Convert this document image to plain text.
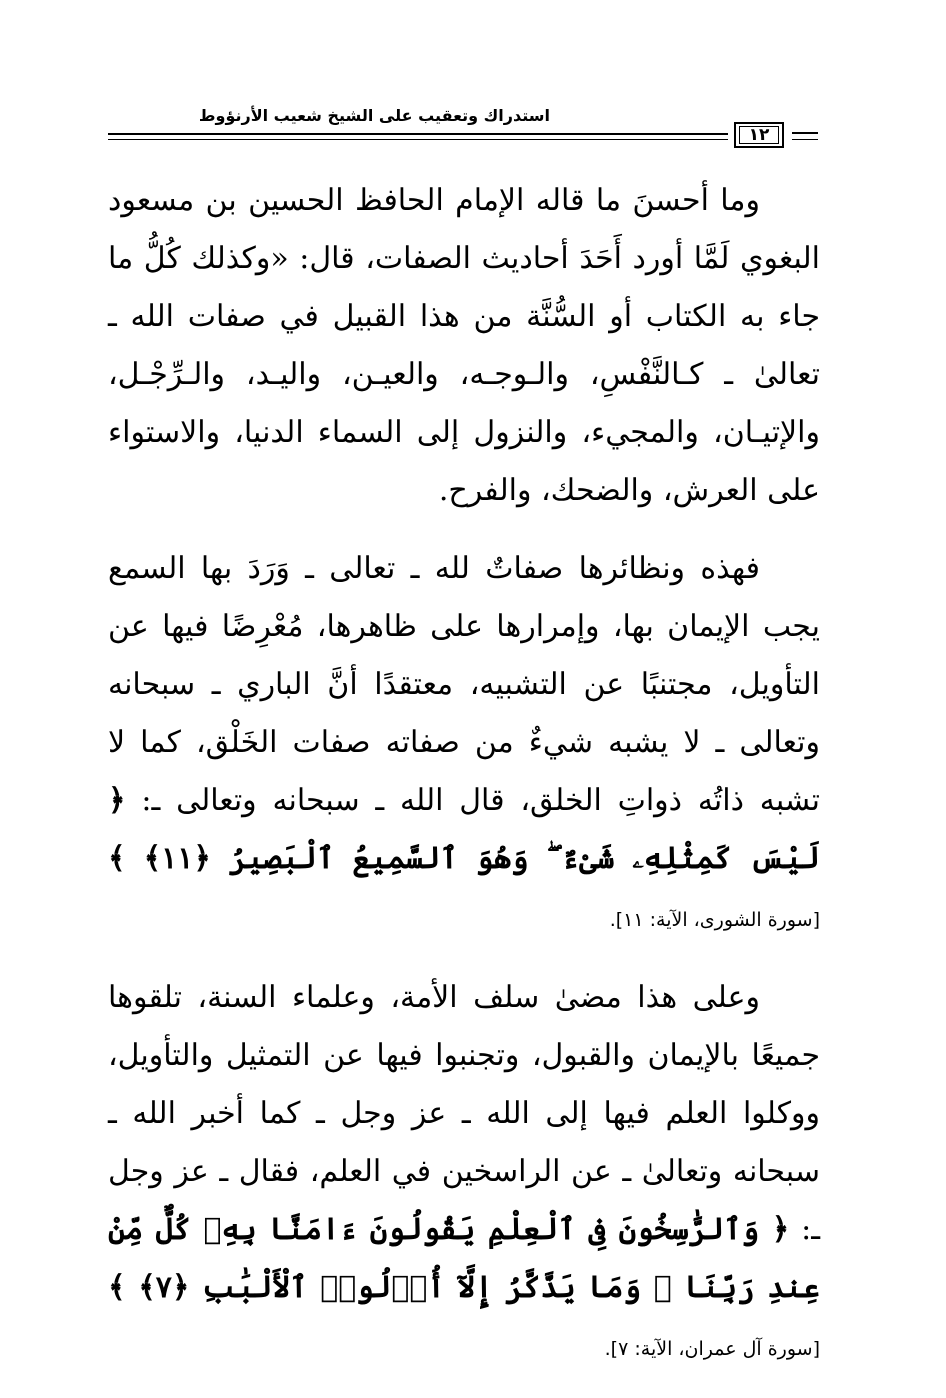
استدراك وتعقيب على الشيخ شعيب الأرنؤوط
١٢

وما أحسنَ ما قاله الإمام الحافظ الحسين بن مسعود البغوي لَمَّا أورد أَحَدَ أحاديث الصفات، قال: «وكذلك كُلُّ ما جاء به الكتاب أو السُّنَّة من هذا القبيل في صفات الله ـ تعالىٰ ـ كـالنَّفْسِ، والـوجـه، والعيـن، واليـد، والـرِّجْـل، والإتيـان، والمجيء، والنزول إلى السماء الدنيا، والاستواء على العرش، والضحك، والفرح.

فهذه ونظائرها صفاتٌ لله ـ تعالى ـ وَرَدَ بها السمع يجب الإيمان بها، وإمرارها على ظاهرها، مُعْرِضًا فيها عن التأويل، مجتنبًا عن التشبيه، معتقدًا أنَّ الباري ـ سبحانه وتعالى ـ لا يشبه شيءٌ من صفاته صفات الخَلْق، كما لا تشبه ذاتُه ذواتِ الخلق، قال الله ـ سبحانه وتعالى ـ: ﴿ لَيْسَ كَمِثْلِهِۦ شَىْءٌ ۖ وَهُوَ ٱلسَّمِيعُ ٱلْبَصِيرُ ﴿١١﴾ ﴾ [سورة الشورى، الآية: ١١].

وعلى هذا مضىٰ سلف الأمة، وعلماء السنة، تلقوها جميعًا بالإيمان والقبول، وتجنبوا فيها عن التمثيل والتأويل، ووكلوا العلم فيها إلى الله ـ عز وجل ـ كما أخبر الله ـ سبحانه وتعالىٰ ـ عن الراسخين في العلم، فقال ـ عز وجل ـ: ﴿ وَٱلرَّٰسِخُونَ فِى ٱلْعِلْمِ يَقُولُونَ ءَامَنَّا بِهِۦ كُلٌّ مِّنْ عِندِ رَبِّنَا ۗ وَمَا يَذَّكَّرُ إِلَّآ أُو۟لُوا۟ ٱلْأَلْبَٰبِ ﴿٧﴾ ﴾ [سورة آل عمران، الآية: ٧].
